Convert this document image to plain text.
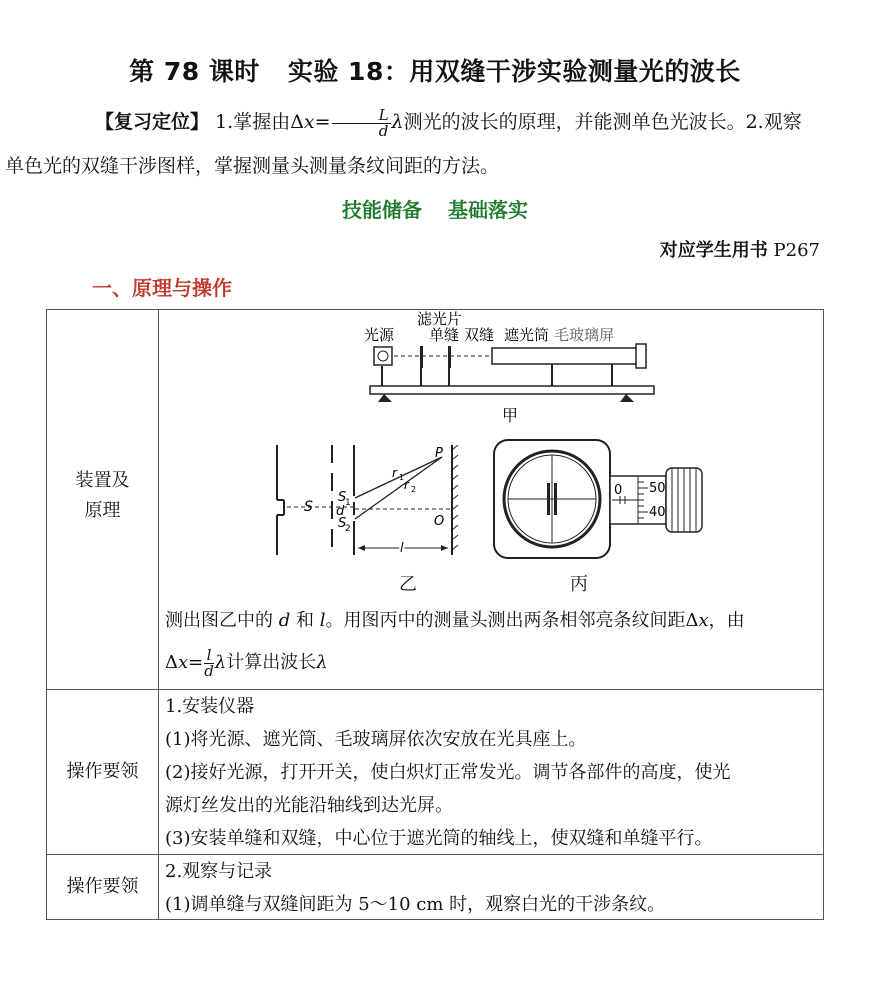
第 78 课时 实验 18：用双缝干涉实验测量光的波长
【复习定位】 1.掌握由$\Delta x= \frac{L}{d}$ λ测光的波长的原理，并能测单色光波长。2.观察
单色光的双缝干涉图样，掌握测量头测量条纹间距的方法。
技能储备 基础落实
对应学生用书 P267
一、原理与操作
装置及
原理
滤光片
光源 单缝 双缝 遮光筒 毛玻璃屏
甲
S
S
1
S
2
d
r 1
r 2
P
O
l
乙
0 50
40
丙
测出图乙中的 d 和 l。用图丙中的测量头测出两条相邻亮条纹间距Δx，由
$\Delta x= \frac{l}{d}$ λ计算出波长λ
操作要领
1.安装仪器
(1)将光源、遮光筒、毛玻璃屏依次安放在光具座上。
(2)接好光源，打开开关，使白炽灯正常发光。调节各部件的高度，使光
源灯丝发出的光能沿轴线到达光屏。
(3)安装单缝和双缝，中心位于遮光筒的轴线上，使双缝和单缝平行。
操作要领
2.观察与记录
(1)调单缝与双缝间距为 5～10 cm 时，观察白光的干涉条纹。
